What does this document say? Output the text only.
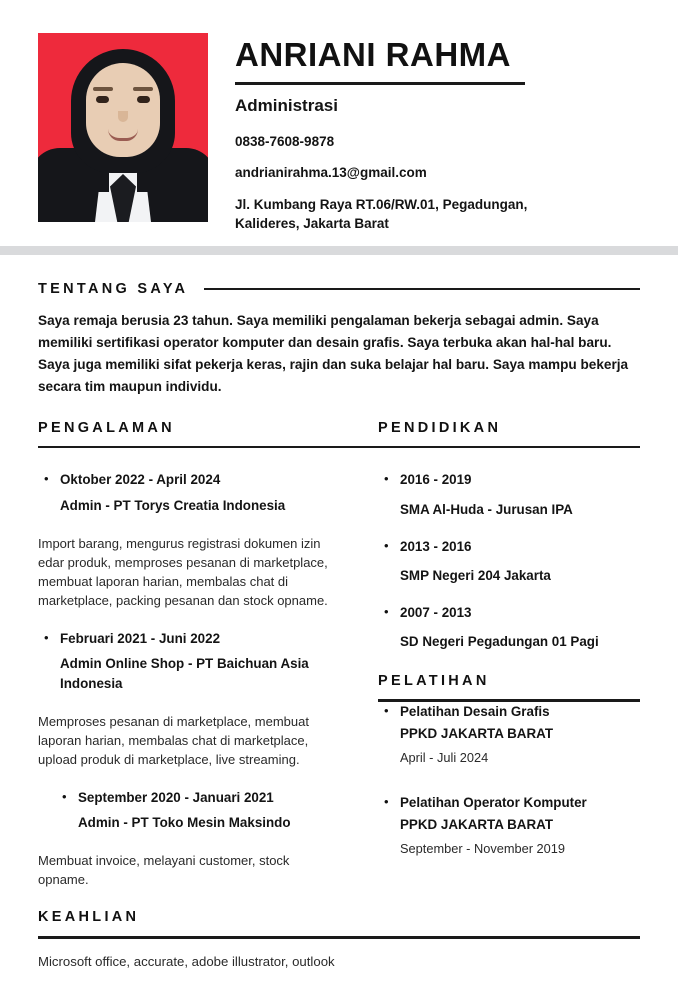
ANRIANI RAHMA
Administrasi
0838-7608-9878
andrianirahma.13@gmail.com
Jl. Kumbang Raya RT.06/RW.01, Pegadungan,
Kalideres, Jakarta Barat
TENTANG SAYA
Saya remaja berusia 23 tahun. Saya memiliki pengalaman bekerja sebagai admin. Saya memiliki sertifikasi operator komputer dan desain grafis. Saya terbuka akan hal-hal baru. Saya juga memiliki sifat pekerja keras, rajin dan suka belajar hal baru. Saya mampu bekerja secara tim maupun individu.
PENGALAMAN	PENDIDIKAN
• Oktober 2022 - April 2024
Admin - PT Torys Creatia Indonesia
Import barang, mengurus registrasi dokumen izin edar produk, memproses pesanan di marketplace, membuat laporan harian, membalas chat di marketplace, packing pesanan dan stock opname.
• Februari 2021 - Juni 2022
Admin Online Shop - PT Baichuan Asia Indonesia
Memproses pesanan di marketplace, membuat laporan harian, membalas chat di marketplace, upload produk di marketplace, live streaming.
• September 2020 - Januari 2021
Admin - PT Toko Mesin Maksindo
Membuat invoice, melayani customer, stock opname.
• 2016 - 2019
SMA Al-Huda - Jurusan IPA
• 2013 - 2016
SMP Negeri 204 Jakarta
• 2007 - 2013
SD Negeri Pegadungan 01 Pagi
PELATIHAN
• Pelatihan Desain Grafis
PPKD JAKARTA BARAT
April - Juli 2024
• Pelatihan Operator Komputer
PPKD JAKARTA BARAT
September - November 2019
KEAHLIAN
Microsoft office, accurate, adobe illustrator, outlook
